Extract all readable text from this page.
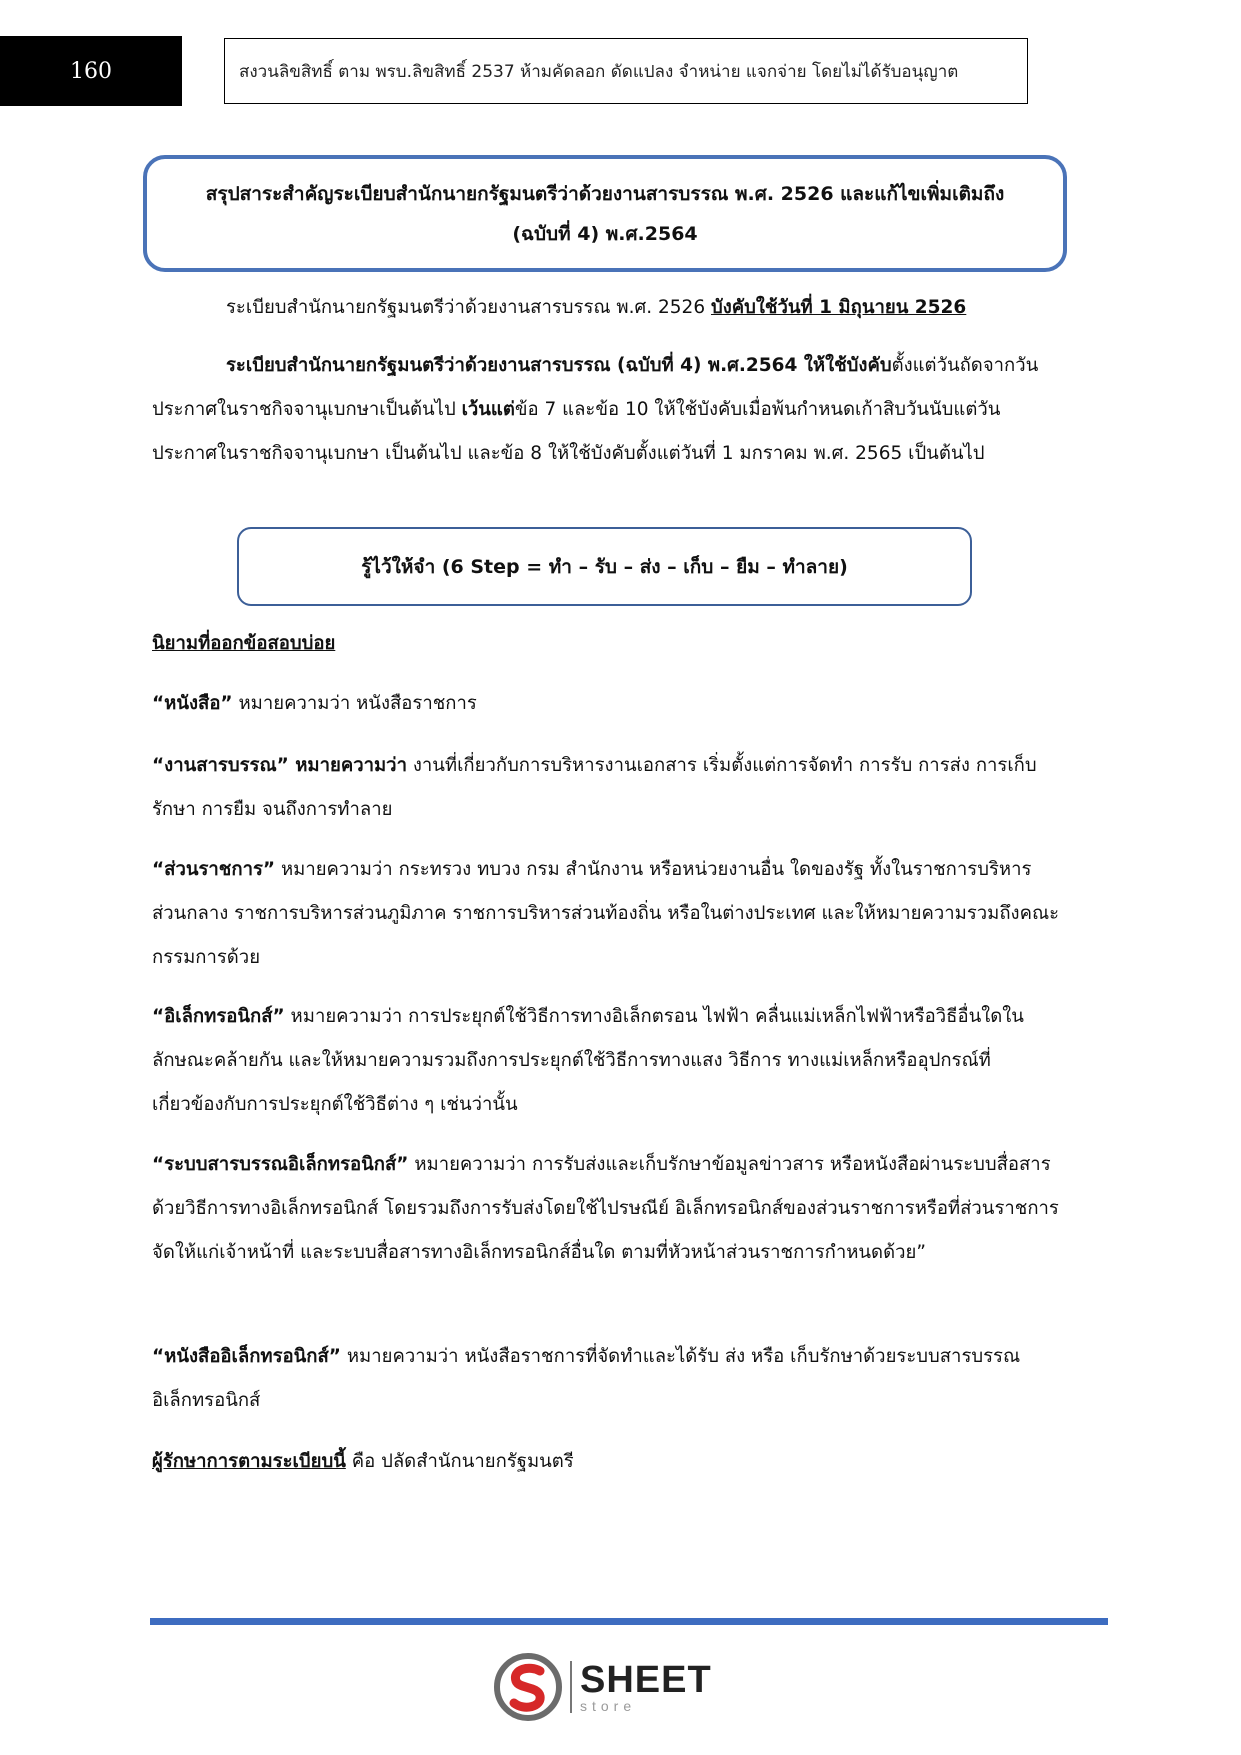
160	สงวนลิขสิทธิ์ ตาม พรบ.ลิขสิทธิ์ 2537 ห้ามคัดลอก ดัดแปลง จำหน่าย แจกจ่าย โดยไม่ได้รับอนุญาต
สรุปสาระสำคัญระเบียบสำนักนายกรัฐมนตรีว่าด้วยงานสารบรรณ พ.ศ. 2526 และแก้ไขเพิ่มเติมถึง
(ฉบับที่ 4) พ.ศ.2564
ระเบียบสำนักนายกรัฐมนตรีว่าด้วยงานสารบรรณ พ.ศ. 2526 บังคับใช้วันที่ 1 มิถุนายน 2526
ระเบียบสำนักนายกรัฐมนตรีว่าด้วยงานสารบรรณ (ฉบับที่ 4) พ.ศ.2564 ให้ใช้บังคับตั้งแต่วันถัดจากวันประกาศในราชกิจจานุเบกษาเป็นต้นไป เว้นแต่ข้อ 7 และข้อ 10 ให้ใช้บังคับเมื่อพ้นกำหนดเก้าสิบวันนับแต่วันประกาศในราชกิจจานุเบกษา เป็นต้นไป และข้อ 8 ให้ใช้บังคับตั้งแต่วันที่ 1 มกราคม พ.ศ. 2565 เป็นต้นไป
รู้ไว้ให้จำ (6 Step = ทำ – รับ – ส่ง – เก็บ – ยืม – ทำลาย)
นิยามที่ออกข้อสอบบ่อย
“หนังสือ” หมายความว่า หนังสือราชการ
“งานสารบรรณ” หมายความว่า งานที่เกี่ยวกับการบริหารงานเอกสาร เริ่มตั้งแต่การจัดทำ การรับ การส่ง การเก็บรักษา การยืม จนถึงการทำลาย
“ส่วนราชการ” หมายความว่า กระทรวง ทบวง กรม สำนักงาน หรือหน่วยงานอื่น ใดของรัฐ ทั้งในราชการบริหารส่วนกลาง ราชการบริหารส่วนภูมิภาค ราชการบริหารส่วนท้องถิ่น หรือในต่างประเทศ และให้หมายความรวมถึงคณะกรรมการด้วย
“อิเล็กทรอนิกส์” หมายความว่า การประยุกต์ใช้วิธีการทางอิเล็กตรอน ไฟฟ้า คลื่นแม่เหล็กไฟฟ้าหรือวิธีอื่นใดในลักษณะคล้ายกัน และให้หมายความรวมถึงการประยุกต์ใช้วิธีการทางแสง วิธีการ ทางแม่เหล็กหรืออุปกรณ์ที่เกี่ยวข้องกับการประยุกต์ใช้วิธีต่าง ๆ เช่นว่านั้น
“ระบบสารบรรณอิเล็กทรอนิกส์” หมายความว่า การรับส่งและเก็บรักษาข้อมูลข่าวสาร หรือหนังสือผ่านระบบสื่อสารด้วยวิธีการทางอิเล็กทรอนิกส์ โดยรวมถึงการรับส่งโดยใช้ไปรษณีย์ อิเล็กทรอนิกส์ของส่วนราชการหรือที่ส่วนราชการจัดให้แก่เจ้าหน้าที่ และระบบสื่อสารทางอิเล็กทรอนิกส์อื่นใด ตามที่หัวหน้าส่วนราชการกำหนดด้วย”
“หนังสืออิเล็กทรอนิกส์” หมายความว่า หนังสือราชการที่จัดทำและได้รับ ส่ง หรือ เก็บรักษาด้วยระบบสารบรรณอิเล็กทรอนิกส์
ผู้รักษาการตามระเบียบนี้ คือ ปลัดสำนักนายกรัฐมนตรี
SHEET
store
